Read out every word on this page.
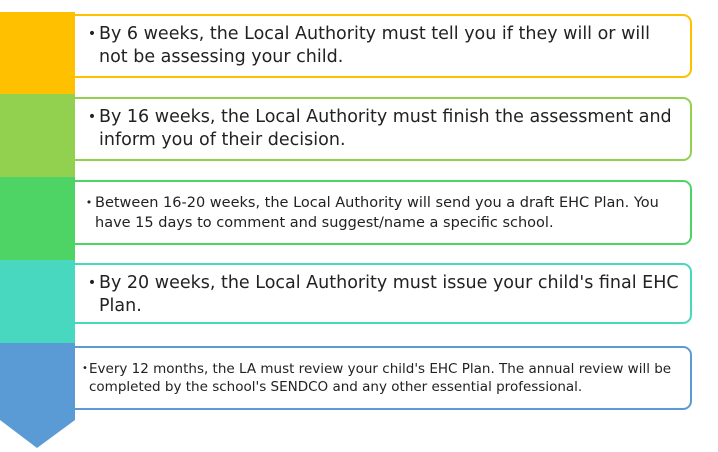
• By 6 weeks, the Local Authority must tell you if they will or will not be assessing your child.
• By 16 weeks, the Local Authority must finish the assessment and inform you of their decision.
• Between 16-20 weeks, the Local Authority will send you a draft EHC Plan. You have 15 days to comment and suggest/name a specific school.
• By 20 weeks, the Local Authority must issue your child's final EHC Plan.
• Every 12 months, the LA must review your child's EHC Plan. The annual review will be completed by the school's SENDCO and any other essential professional.
